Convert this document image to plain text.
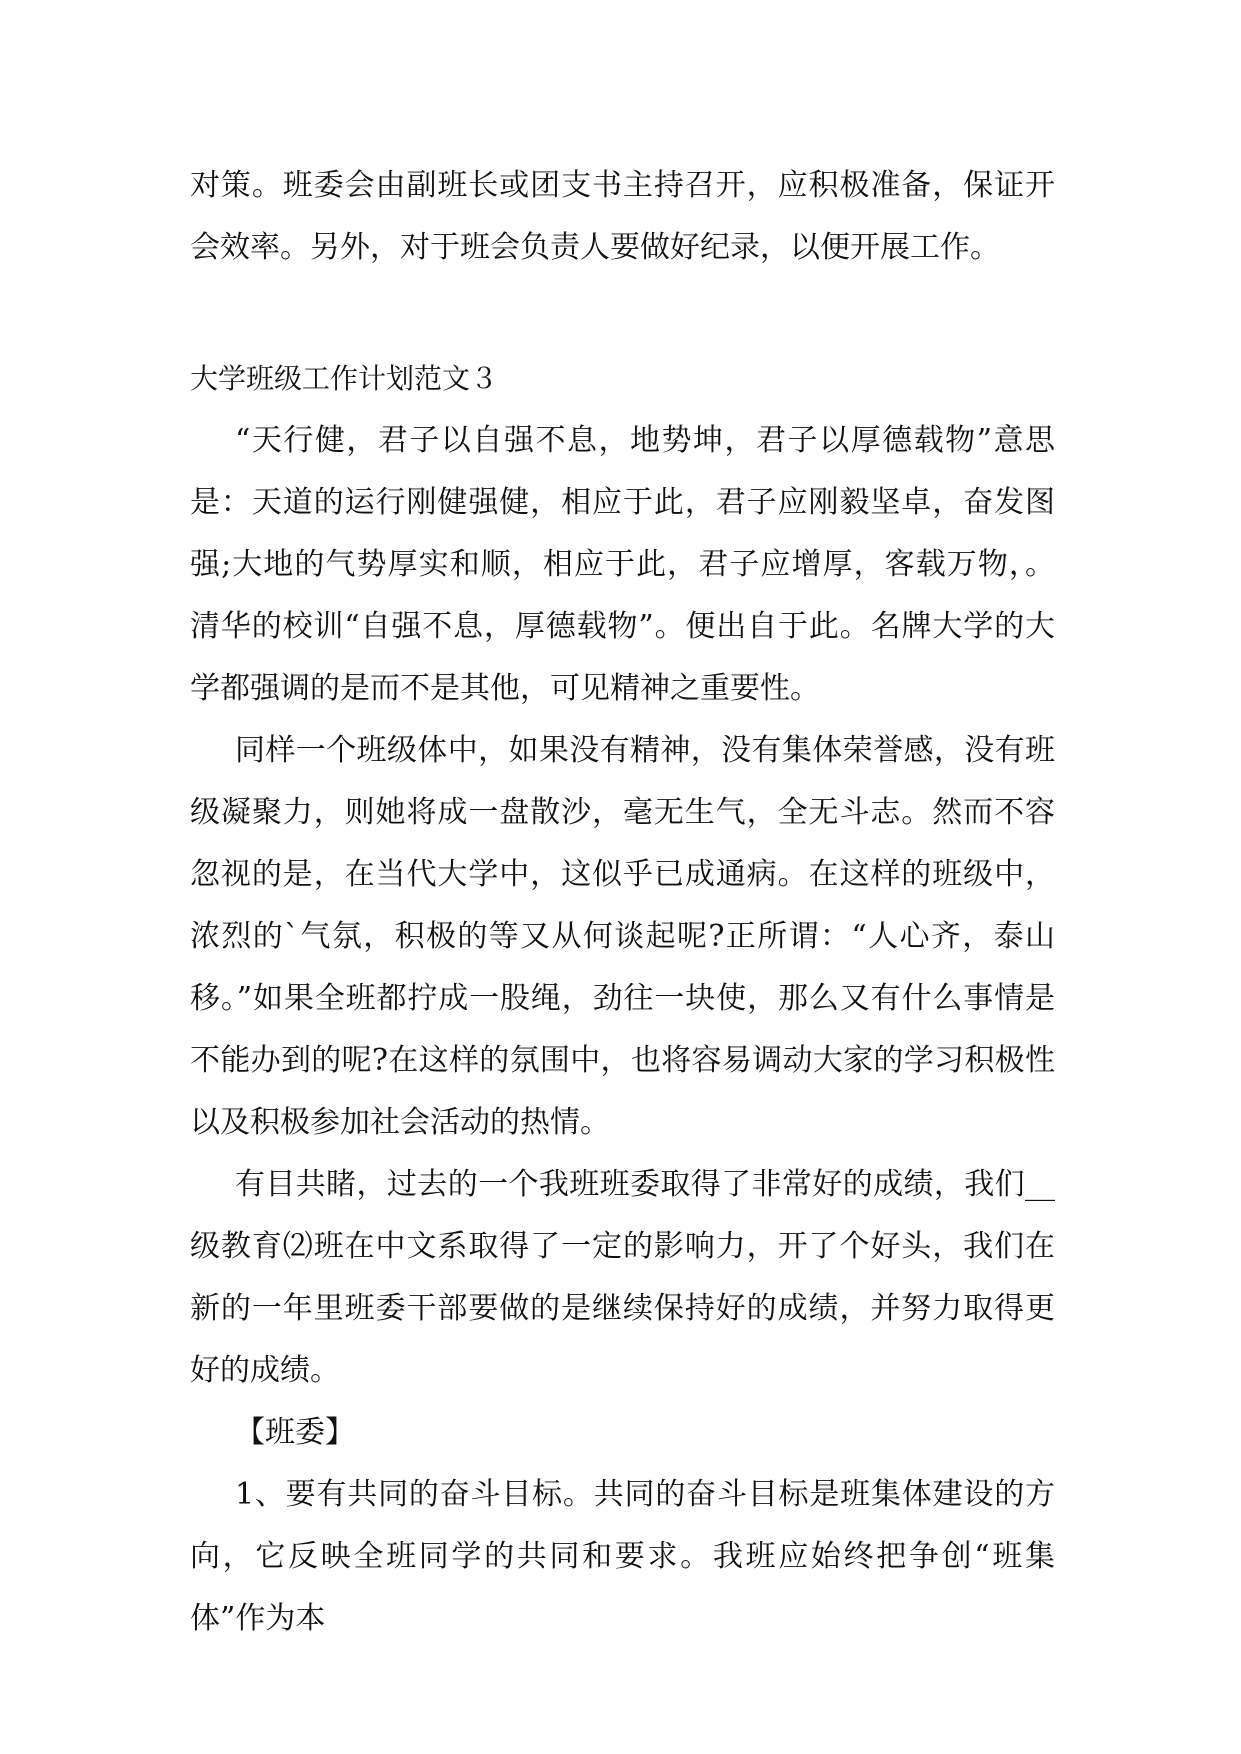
对策。班委会由副班长或团支书主持召开，应积极准备，保证开会效率。另外，对于班会负责人要做好纪录，以便开展工作。

大学班级工作计划范文３

“天行健，君子以自强不息，地势坤，君子以厚德载物”意思是：天道的运行刚健强健，相应于此，君子应刚毅坚卓，奋发图强;大地的气势厚实和顺，相应于此，君子应增厚，客载万物，。清华的校训“自强不息，厚德载物”。便出自于此。名牌大学的大学都强调的是而不是其他，可见精神之重要性。

同样一个班级体中，如果没有精神，没有集体荣誉感，没有班级凝聚力，则她将成一盘散沙，毫无生气，全无斗志。然而不容忽视的是，在当代大学中，这似乎已成通病。在这样的班级中，浓烈的`气氛，积极的等又从何谈起呢?正所谓：“人心齐，泰山移。”如果全班都拧成一股绳，劲往一块使，那么又有什么事情是不能办到的呢?在这样的氛围中，也将容易调动大家的学习积极性以及积极参加社会活动的热情。

有目共睹，过去的一个我班班委取得了非常好的成绩，我们__级教育⑵班在中文系取得了一定的影响力，开了个好头，我们在新的一年里班委干部要做的是继续保持好的成绩，并努力取得更好的成绩。

【班委】

1、要有共同的奋斗目标。共同的奋斗目标是班集体建设的方向，它反映全班同学的共同和要求。我班应始终把争创“班集体”作为本
